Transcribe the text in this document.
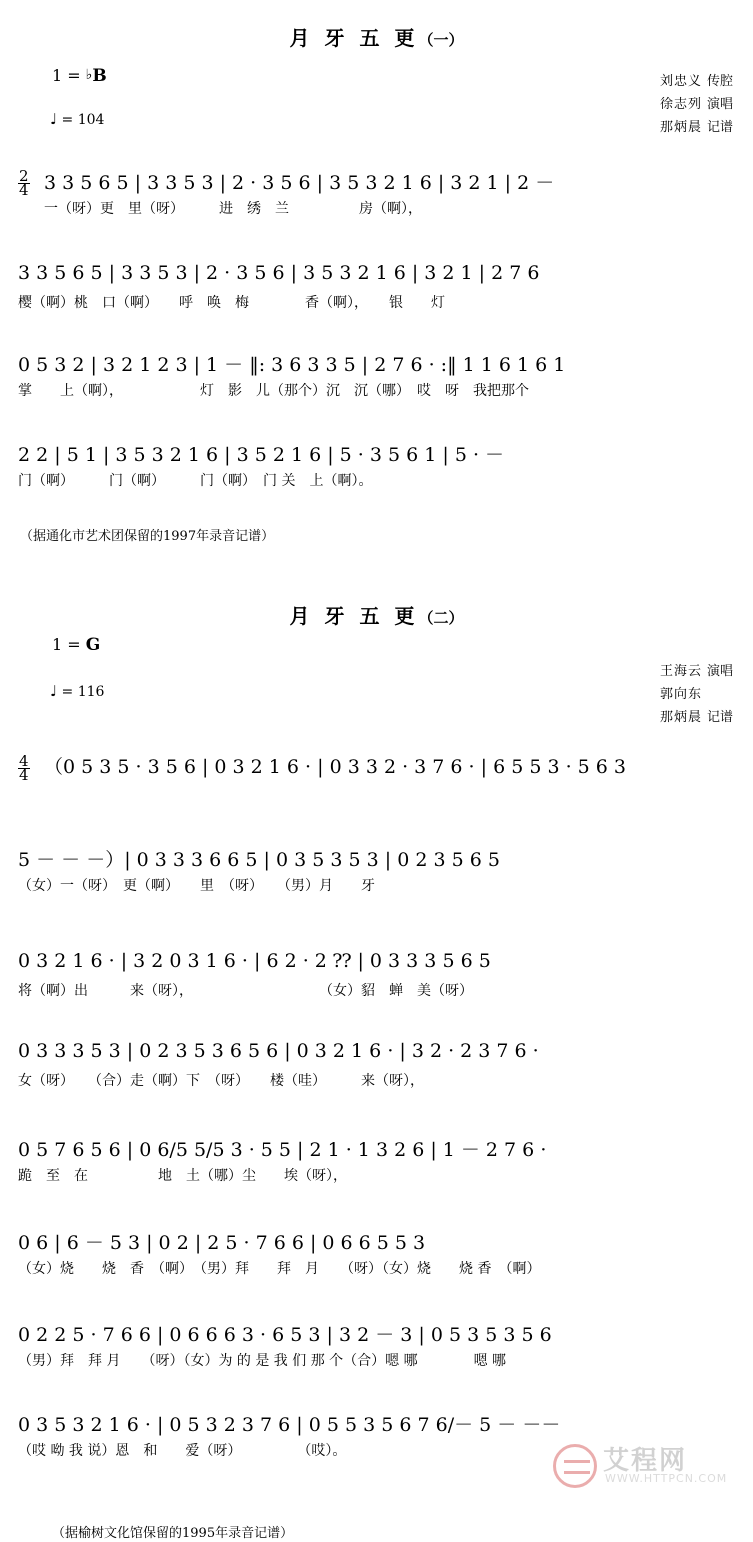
月 牙 五 更（一）
1 = ♭B
♩ = 104
刘忠义 传腔
徐志列 演唱
那炳晨 记谱
$\frac{2}{4} 3$ 3 5 6 5 | 3 3 5 3 | 2 · 3 5 6 | 3 5 3 2 1 6 | 3 2 1 | 2 －
一（呀）更　里（呀）　　　进　绣　兰　　　　　房（啊），
3 3 5 6 5 | 3 3 5 3 | 2 · 3 5 6 | 3 5 3 2 1 6 | 3 2 1 | 2 7 6
樱（啊）桃　口（啊）　　呼　唤　梅　　　　香（啊），　　银　　灯
0 5 3 2 | 3 2 1 2 3 | 1 － ‖: 3 6 3 3 5 | 2 7 6 · :‖ 1 1 6 1 6 1
掌　　上（啊），　　　　　　灯　影　儿（那个）沉　沉（哪）　哎　呀　我把那个
2 2 | 5 1 | 3 5 3 2 1 6 | 3 5 2 1 6 | 5 · 3 5 6 1 | 5 · －
门（啊）　　　门（啊）　　　门（啊）　门 关　上（啊）。
（据通化市艺术团保留的1997年录音记谱）
月 牙 五 更（二）
1 = G
♩ = 116
王海云 演唱
郭向东
那炳晨 记谱
$\frac{4}{4} (0$ 5 3 5 · 3 5 6 | 0 3 2 1 6 · | 0 3 3 2 · 3 7 6 · | 6 5 5 3 · 5 6 3
5 － － －）| 0 3 3 3 6 6 5 | 0 3 5 3 5 3 | 0 2 3 5 6 5
（女）一（呀）　更（啊）　　里　（呀）　　（男）月　　牙
0 3 2 1 6 · | 3 2 0 3 1 6 · | 6 2 · 2 ⁇ | 0 3 3 3 5 6 5
将（啊）出　　　来（呀），　　　　　　　　　　（女）貂　蝉　美（呀）
0 3 3 3 5 3 | 0 2 3 5 3 6 5 6 | 0 3 2 1 6 · | 3 2 · 2 3 7 6 ·
女（呀）　　（合）走（啊）下　（呀）　　楼（哇）　　　来（呀），
0 5 7 6 5 6 | 0 6/5 5/5 3 · 5 5 | 2 1 · 1 3 2 6 | 1 － 2 7 6 ·
跪　至　在　　　　　地　土（哪）尘　　埃（呀），
0 6 | 6 － 5 3 | 0 2 | 2 5 · 7 6 6 | 0 6 6 5 5 3
（女）烧　　烧　香　（啊）　（男）拜　　拜　月　　（呀）（女）烧　　烧 香　（啊）
0 2 2 5 · 7 6 6 | 0 6 6 6 3 · 6 5 3 | 3 2 － 3 | 0 5 3 5 3 5 6
（男）拜　拜 月　　（呀）（女）为 的 是 我 们 那 个（合）嗯 哪　　　　嗯 哪
0 3 5 3 2 1 6 · | 0 5 3 2 3 7 6 | 0 5 5 3 5 6 7 6/－ 5 － －－
（哎 呦 我 说）恩　和　　爱（呀）　　　　　（哎）。
（据榆树文化馆保留的1995年录音记谱）
艾程网
WWW.HTTPCN.COM
